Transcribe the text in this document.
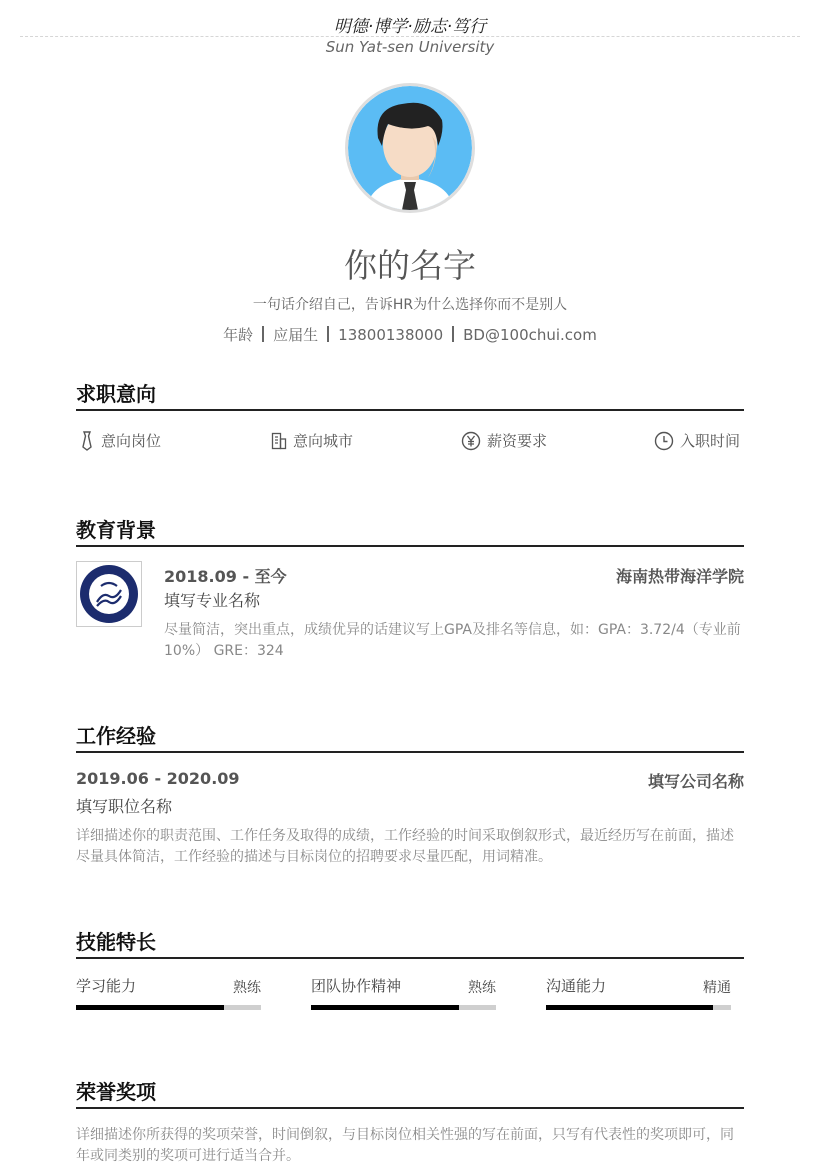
明德·博学·励志·笃行
Sun Yat-sen University
你的名字
一句话介绍自己，告诉HR为什么选择你而不是别人
年龄 应届生 13800138000 BD@100chui.com
求职意向
意向岗位	意向城市	薪资要求	入职时间
教育背景
2018.09 - 至今	海南热带海洋学院
填写专业名称
尽量简洁，突出重点，成绩优异的话建议写上GPA及排名等信息，如：GPA：3.72/4（专业前10%） GRE：324
工作经验
2019.06 - 2020.09	填写公司名称
填写职位名称
详细描述你的职责范围、工作任务及取得的成绩，工作经验的时间采取倒叙形式，最近经历写在前面，描述尽量具体简洁，工作经验的描述与目标岗位的招聘要求尽量匹配，用词精准。
技能特长
学习能力	熟练	团队协作精神	熟练	沟通能力	精通
荣誉奖项
详细描述你所获得的奖项荣誉，时间倒叙，与目标岗位相关性强的写在前面，只写有代表性的奖项即可，同年或同类别的奖项可进行适当合并。
